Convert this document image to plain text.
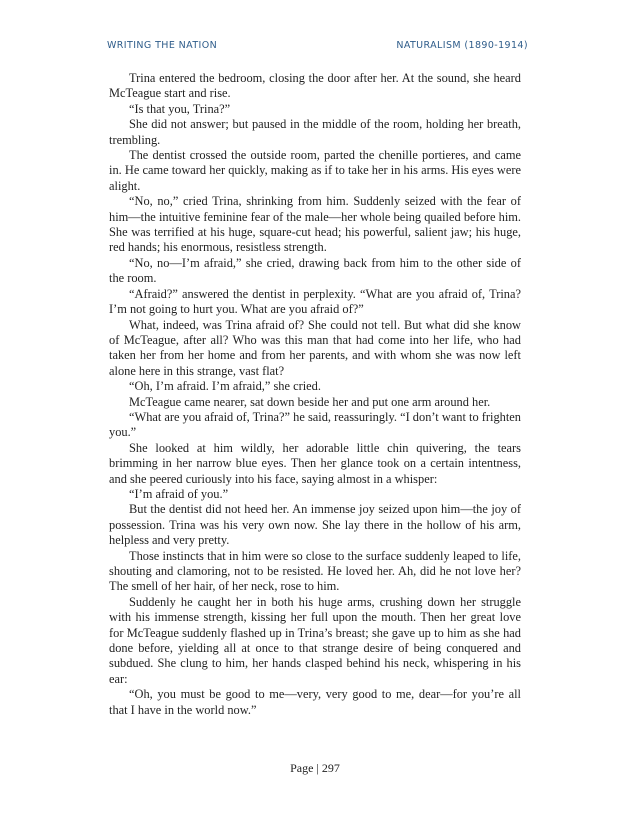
WRITING THE NATION	NATURALISM (1890-1914)

Trina entered the bedroom, closing the door after her. At the sound, she heard McTeague start and rise.

“Is that you, Trina?”

She did not answer; but paused in the middle of the room, holding her breath, trembling.

The dentist crossed the outside room, parted the chenille portieres, and came in. He came toward her quickly, making as if to take her in his arms. His eyes were alight.

“No, no,” cried Trina, shrinking from him. Suddenly seized with the fear of him—the intuitive feminine fear of the male—her whole being quailed before him. She was terrified at his huge, square-cut head; his powerful, salient jaw; his huge, red hands; his enormous, resistless strength.

“No, no—I’m afraid,” she cried, drawing back from him to the other side of the room.

“Afraid?” answered the dentist in perplexity. “What are you afraid of, Trina? I’m not going to hurt you. What are you afraid of?”

What, indeed, was Trina afraid of? She could not tell. But what did she know of McTeague, after all? Who was this man that had come into her life, who had taken her from her home and from her parents, and with whom she was now left alone here in this strange, vast flat?

“Oh, I’m afraid. I’m afraid,” she cried.

McTeague came nearer, sat down beside her and put one arm around her.

“What are you afraid of, Trina?” he said, reassuringly. “I don’t want to frighten you.”

She looked at him wildly, her adorable little chin quivering, the tears brimming in her narrow blue eyes. Then her glance took on a certain intentness, and she peered curiously into his face, saying almost in a whisper:

“I’m afraid of you.”

But the dentist did not heed her. An immense joy seized upon him—the joy of possession. Trina was his very own now. She lay there in the hollow of his arm, helpless and very pretty.

Those instincts that in him were so close to the surface suddenly leaped to life, shouting and clamoring, not to be resisted. He loved her. Ah, did he not love her? The smell of her hair, of her neck, rose to him.

Suddenly he caught her in both his huge arms, crushing down her struggle with his immense strength, kissing her full upon the mouth. Then her great love for McTeague suddenly flashed up in Trina’s breast; she gave up to him as she had done before, yielding all at once to that strange desire of being conquered and subdued. She clung to him, her hands clasped behind his neck, whispering in his ear:

“Oh, you must be good to me—very, very good to me, dear—for you’re all that I have in the world now.”

Page | 297
